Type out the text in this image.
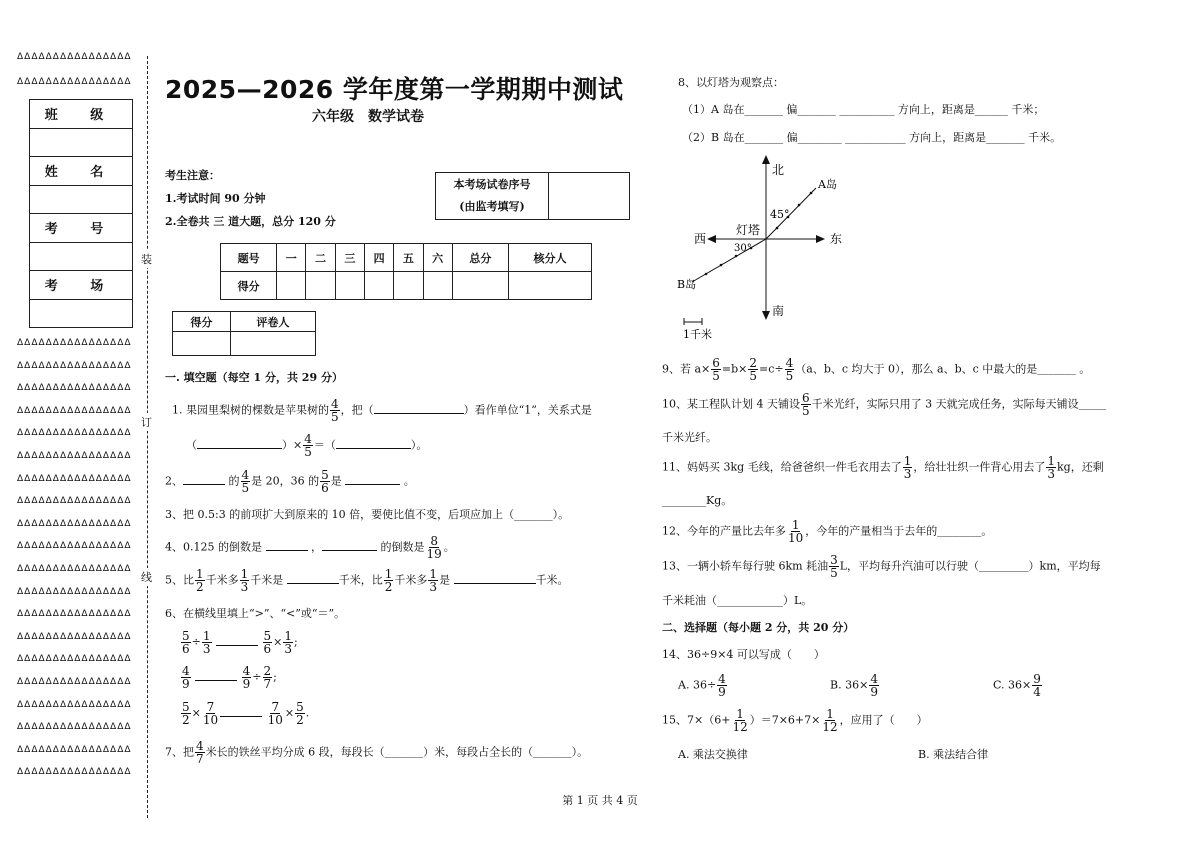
ΔΔΔΔΔΔΔΔΔΔΔΔΔΔΔΔ
ΔΔΔΔΔΔΔΔΔΔΔΔΔΔΔΔ
ΔΔΔΔΔΔΔΔΔΔΔΔΔΔΔΔ
ΔΔΔΔΔΔΔΔΔΔΔΔΔΔΔΔ
ΔΔΔΔΔΔΔΔΔΔΔΔΔΔΔΔ
ΔΔΔΔΔΔΔΔΔΔΔΔΔΔΔΔ
ΔΔΔΔΔΔΔΔΔΔΔΔΔΔΔΔ
ΔΔΔΔΔΔΔΔΔΔΔΔΔΔΔΔ
ΔΔΔΔΔΔΔΔΔΔΔΔΔΔΔΔ
ΔΔΔΔΔΔΔΔΔΔΔΔΔΔΔΔ
ΔΔΔΔΔΔΔΔΔΔΔΔΔΔΔΔ
ΔΔΔΔΔΔΔΔΔΔΔΔΔΔΔΔ
ΔΔΔΔΔΔΔΔΔΔΔΔΔΔΔΔ
ΔΔΔΔΔΔΔΔΔΔΔΔΔΔΔΔ
ΔΔΔΔΔΔΔΔΔΔΔΔΔΔΔΔ
ΔΔΔΔΔΔΔΔΔΔΔΔΔΔΔΔ
ΔΔΔΔΔΔΔΔΔΔΔΔΔΔΔΔ
ΔΔΔΔΔΔΔΔΔΔΔΔΔΔΔΔ
ΔΔΔΔΔΔΔΔΔΔΔΔΔΔΔΔ
ΔΔΔΔΔΔΔΔΔΔΔΔΔΔΔΔ
ΔΔΔΔΔΔΔΔΔΔΔΔΔΔΔΔ
ΔΔΔΔΔΔΔΔΔΔΔΔΔΔΔΔ
装
订
线
班 级

姓 名

考 号

考 场

2025—2026 学年度第一学期期中测试
六年级　数学试卷
考生注意：
1.考试时间 90 分钟
2.全卷共 三 道大题，总分 120 分
本考场试卷序号
(由监考填写)

题号	一	二	三	四	五	六	总分	核分人
得分								
得分	评卷人

一. 填空题（每空 1 分，共 29 分）
1. 果园里梨树的棵数是苹果树的 $\frac{4}{5}$ ，把（	）看作单位“1”，关系式是
（	）× $\frac{4}{5}$ ＝（	）。
2、	的 $\frac{4}{5}$ 是 20，36 的 $\frac{5}{6}$ 是	。
3、把 0.5:3 的前项扩大到原来的 10 倍，要使比值不变，后项应加上（_______）。
4、0.125 的倒数是	，	的倒数是 $\frac{8}{19}$ 。
5、比 $\frac{1}{2}$ 千米多 $\frac{1}{3}$ 千米是	千米，比 $\frac{1}{2}$ 千米多 $\frac{1}{3}$ 是	千米。
6、在横线里填上“>”、“<”或“＝”。
$\frac{5}{6} \div \frac{1}{3}$
	$\frac{5}{6} \times \frac{1}{3}$ ;
$\frac{4}{9}$
	$\frac{4}{9} \div \frac{2}{7}$ ;
$\frac{5}{2} \times \frac{7}{10}$
	$\frac{7}{10} \times \frac{5}{2}$ .
7、把 $\frac{4}{7}$ 米长的铁丝平均分成 6 段，每段长（_______）米，每段占全长的（_______）。
8、以灯塔为观察点：
（1）A 岛在_______ 偏_______ __________ 方向上，距离是______ 千米；
（2）B 岛在_______ 偏________ ___________ 方向上，距离是_______ 千米。
北
南
东
西
灯塔
A岛
B岛
45°
30°
1千米
9、若 $a\times \frac{6}{5} =b\times \frac{2}{5} =c\div \frac{4}{5} (a$、b、c 均大于 0），那么 a、b、c 中最大的是_______ 。
10、某工程队计划 4 天铺设 $\frac{6}{5}$ 千米光纤，实际只用了 3 天就完成任务，实际每天铺设_____
千米光纤。
11、妈妈买 3kg 毛线，给爸爸织一件毛衣用去了 $\frac{1}{3}$ ，给壮壮织一件背心用去了 $\frac{1}{3}$ kg，还剩
________Kg。
12、今年的产量比去年多 $\frac{1}{10}$ ，今年的产量相当于去年的________。
13、一辆小轿车每行驶 6km 耗油 $\frac{3}{5}$ L，平均每升汽油可以行驶（_________）km，平均每
千米耗油（____________）L。
二、选择题（每小题 2 分，共 20 分）
14、36÷9×4 可以写成（　　）
A. $36\div \frac{4}{9}$	B. $36\times \frac{4}{9}$	C. $36\times \frac{9}{4}$
15、$7\times(6+ \frac{1}{12} )=7\times 6+7\times \frac{1}{12}$ ，应用了（　　）
A. 乘法交换律	B. 乘法结合律
第 1 页 共 4 页
